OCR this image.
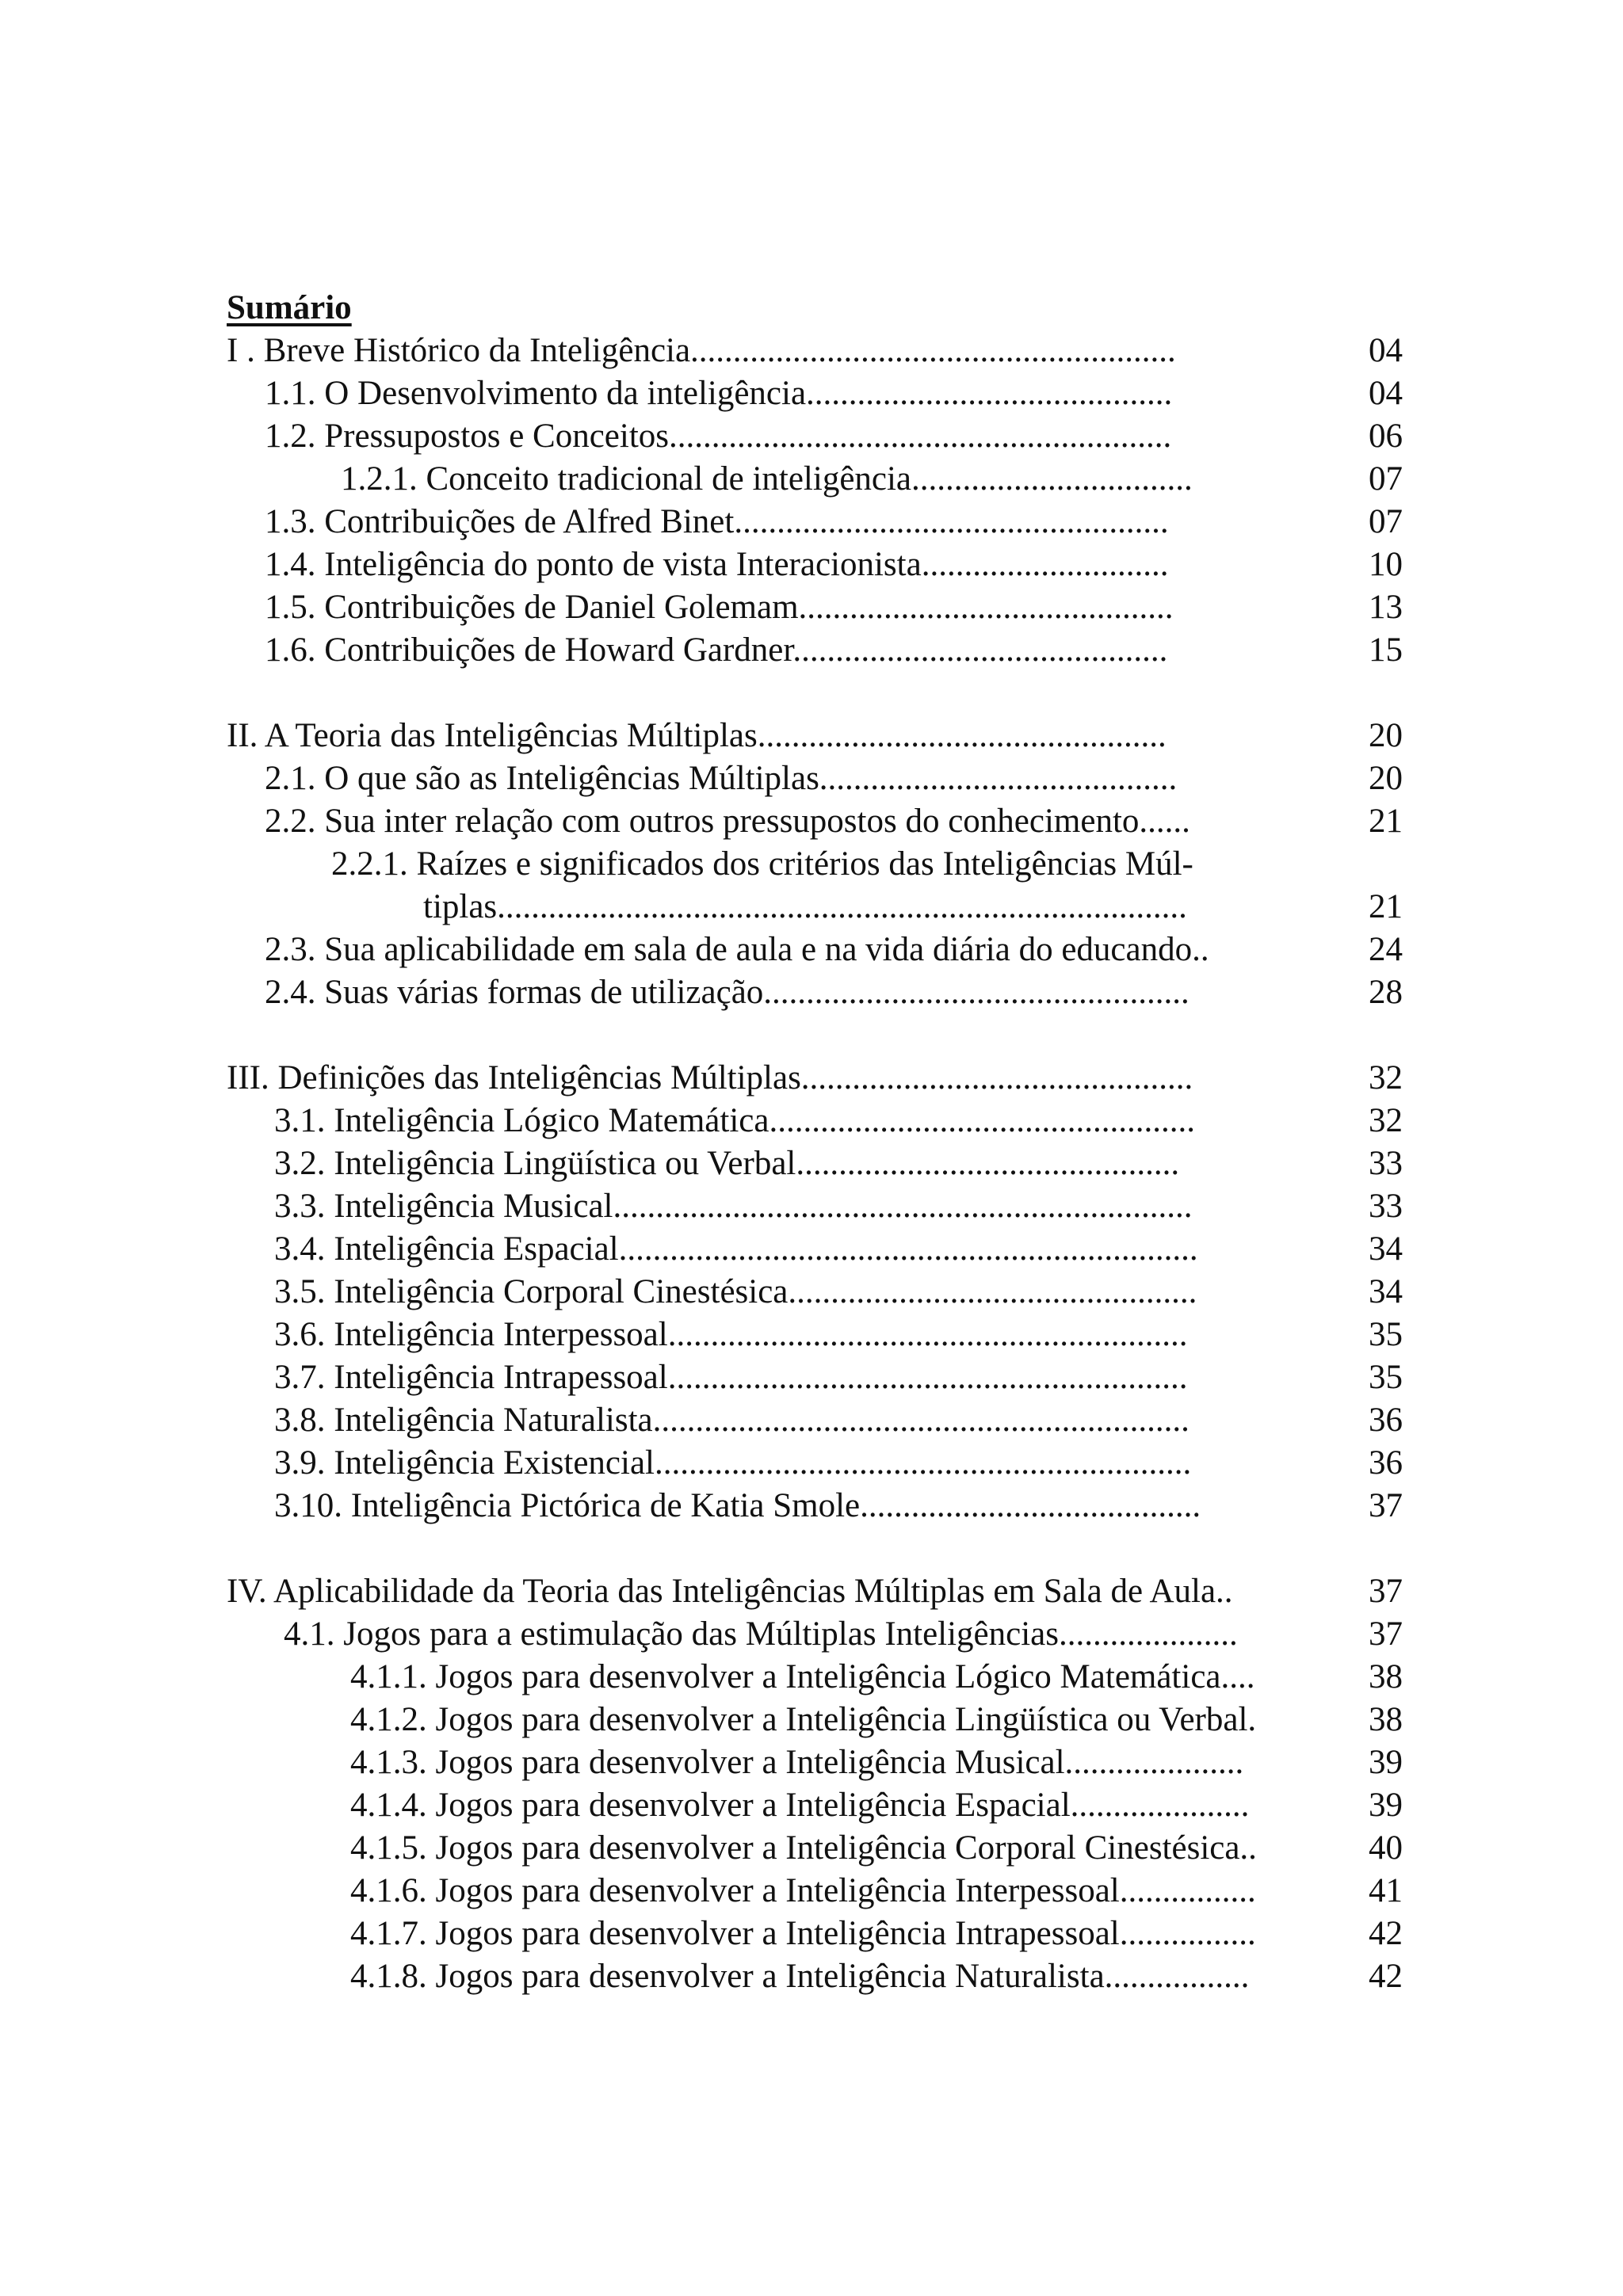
Sumário
I . Breve Histórico da Inteligência.........................................................	04
1.1. O Desenvolvimento da inteligência...........................................	04
1.2. Pressupostos e Conceitos...........................................................	06
1.2.1. Conceito tradicional de inteligência.................................	07
1.3. Contribuições de Alfred Binet...................................................	07
1.4. Inteligência do ponto de vista Interacionista.............................	10
1.5. Contribuições de Daniel Golemam............................................	13
1.6. Contribuições de Howard Gardner............................................	15
II. A Teoria das Inteligências Múltiplas................................................	20
2.1. O que são as Inteligências Múltiplas..........................................	20
2.2. Sua inter relação com outros pressupostos do conhecimento......	21
2.2.1. Raízes e significados dos critérios das Inteligências Múl-
tiplas.................................................................................	21
2.3. Sua aplicabilidade em sala de aula e na vida diária do educando..	24
2.4. Suas várias formas de utilização..................................................	28
III. Definições das Inteligências Múltiplas..............................................	32
3.1. Inteligência Lógico Matemática..................................................	32
3.2. Inteligência Lingüística ou Verbal.............................................	33
3.3. Inteligência Musical....................................................................	33
3.4. Inteligência Espacial....................................................................	34
3.5. Inteligência Corporal Cinestésica................................................	34
3.6. Inteligência Interpessoal.............................................................	35
3.7. Inteligência Intrapessoal.............................................................	35
3.8. Inteligência Naturalista...............................................................	36
3.9. Inteligência Existencial...............................................................	36
3.10. Inteligência Pictórica de Katia Smole........................................	37
IV. Aplicabilidade da Teoria das Inteligências Múltiplas em Sala de Aula..	37
4.1. Jogos para a estimulação das Múltiplas Inteligências.....................	37
4.1.1. Jogos para desenvolver a Inteligência Lógico Matemática....	38
4.1.2. Jogos para desenvolver a Inteligência Lingüística ou Verbal.	38
4.1.3. Jogos para desenvolver a Inteligência Musical.....................	39
4.1.4. Jogos para desenvolver a Inteligência Espacial.....................	39
4.1.5. Jogos para desenvolver a Inteligência Corporal Cinestésica..	40
4.1.6. Jogos para desenvolver a Inteligência Interpessoal................	41
4.1.7. Jogos para desenvolver a Inteligência Intrapessoal................	42
4.1.8. Jogos para desenvolver a Inteligência Naturalista.................	42
